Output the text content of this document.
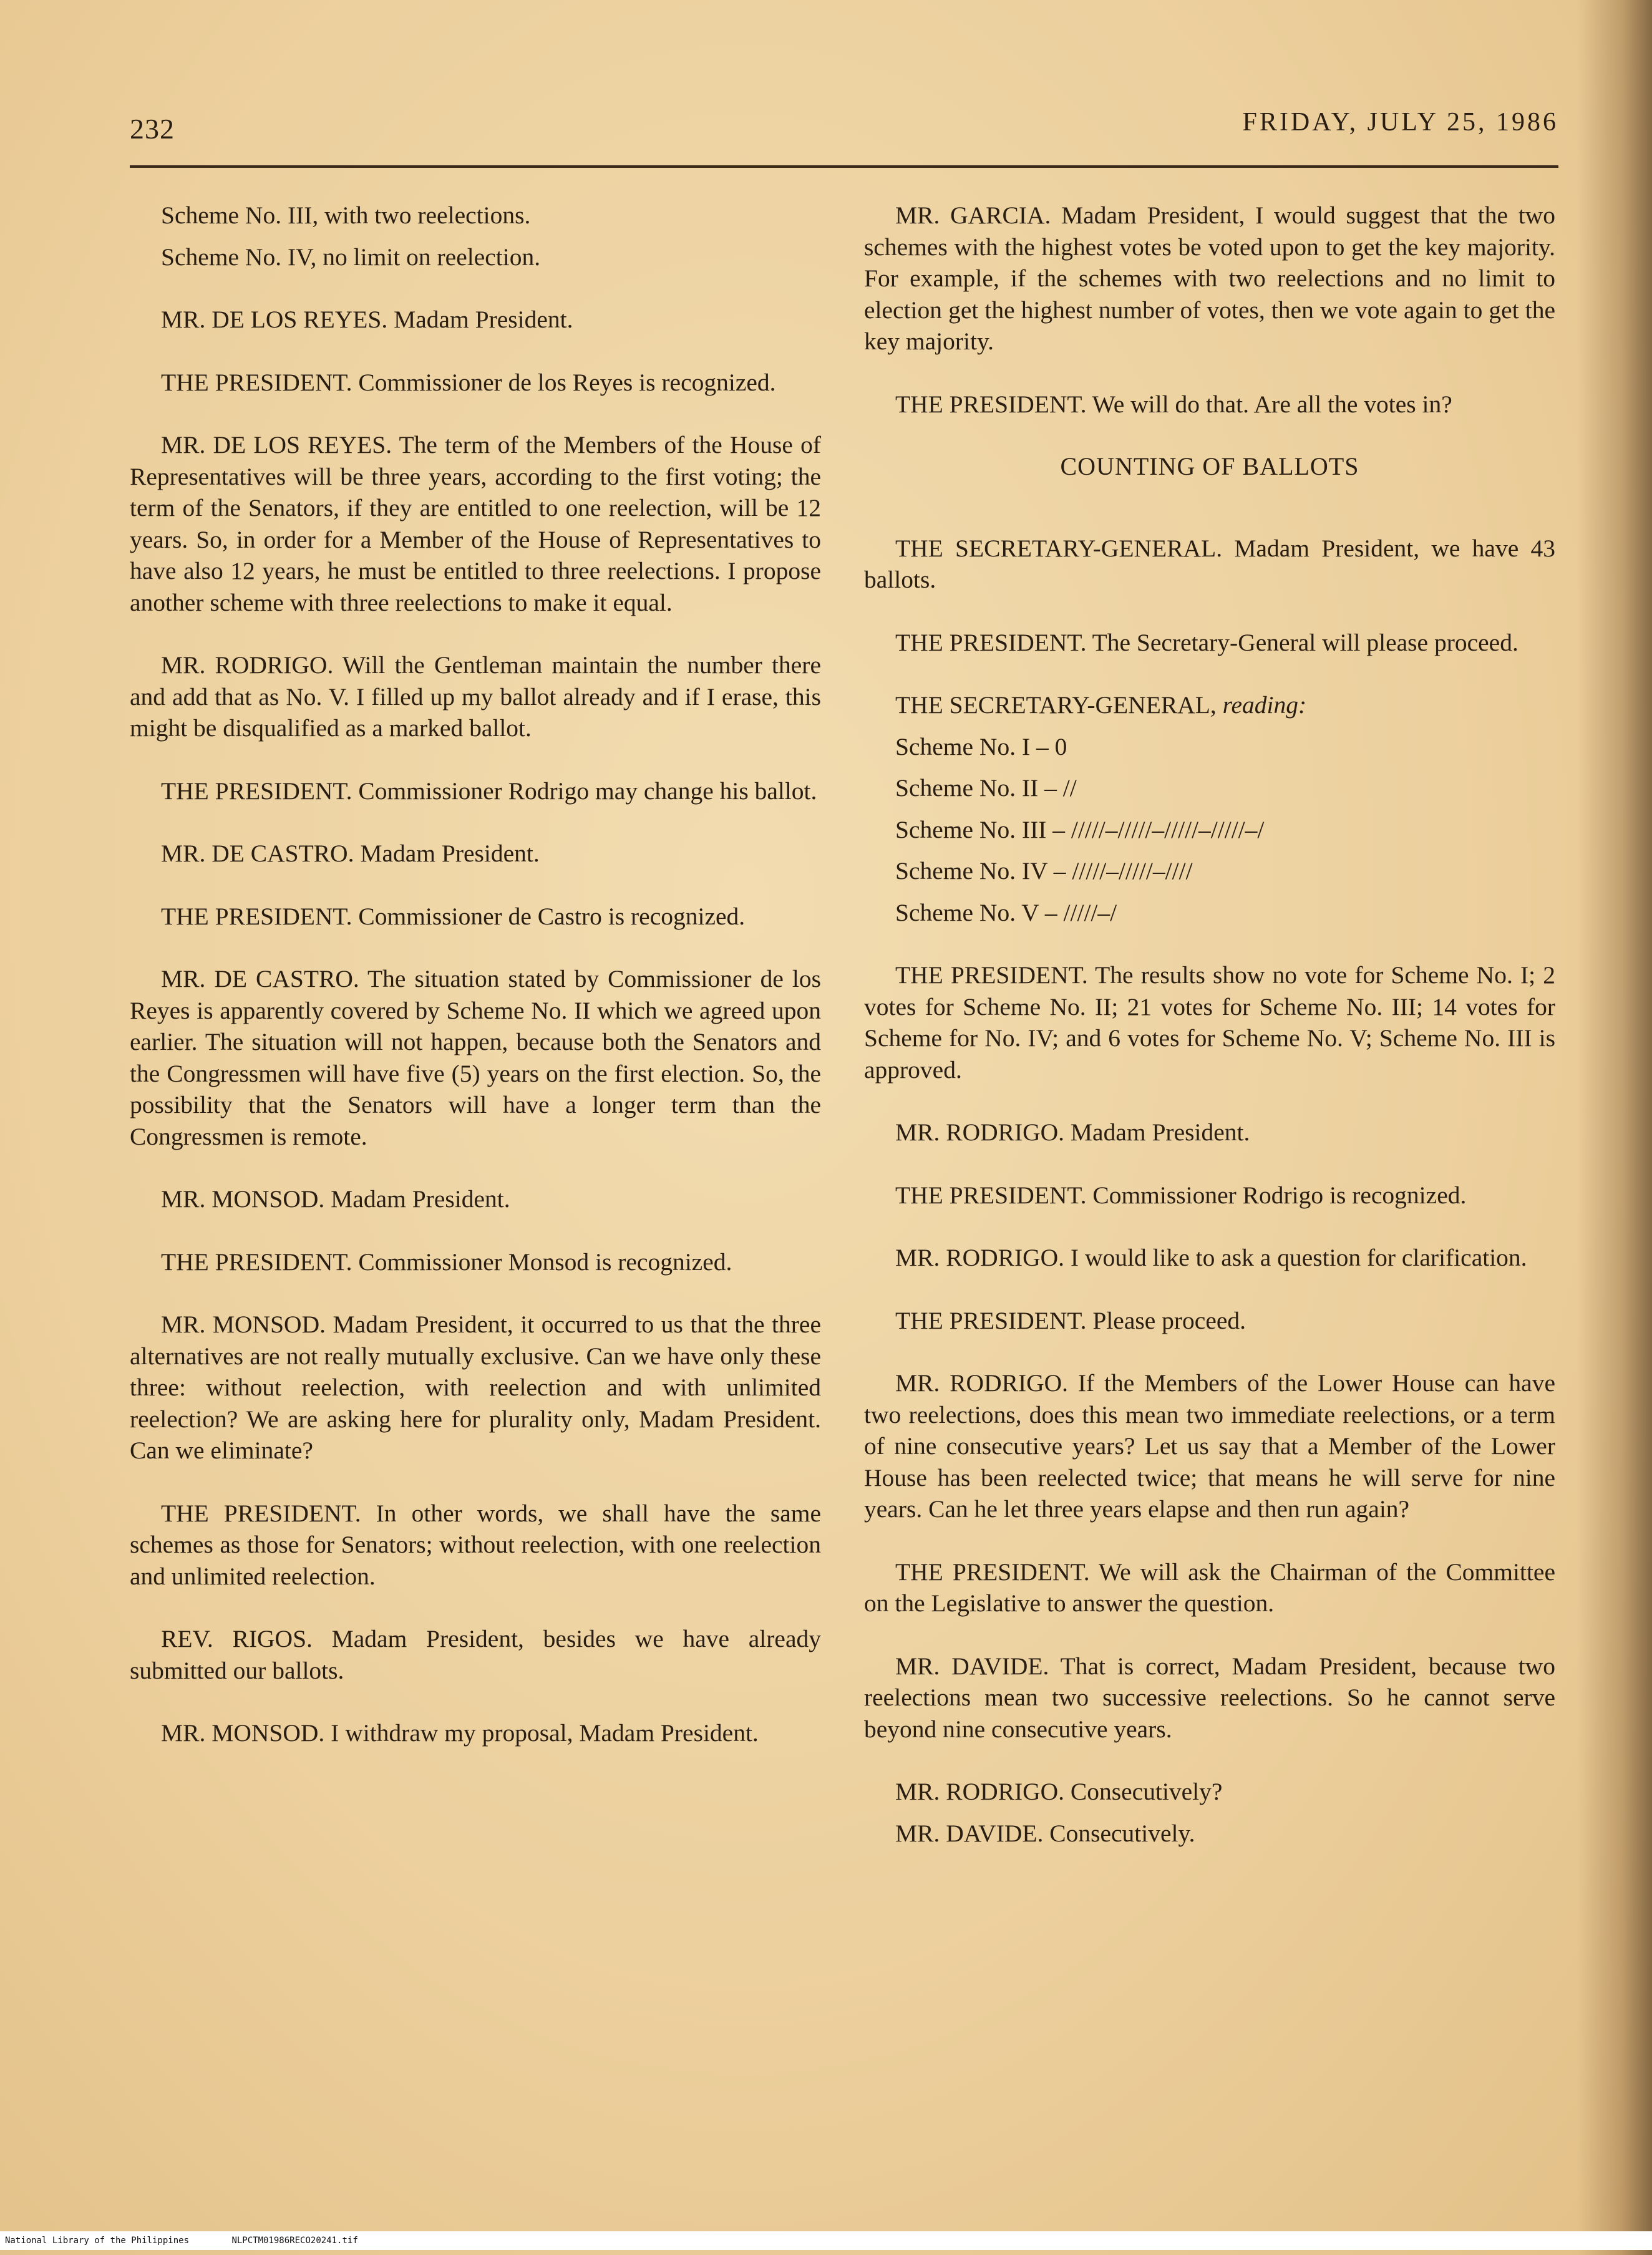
232	FRIDAY, JULY 25, 1986

Scheme No. III, with two reelections.

Scheme No. IV, no limit on reelection.

MR. DE LOS REYES. Madam President.

THE PRESIDENT. Commissioner de los Reyes is recognized.

MR. DE LOS REYES. The term of the Members of the House of Representatives will be three years, according to the first voting; the term of the Senators, if they are entitled to one reelection, will be 12 years. So, in order for a Member of the House of Representatives to have also 12 years, he must be entitled to three reelections. I propose another scheme with three reelections to make it equal.

MR. RODRIGO. Will the Gentleman maintain the number there and add that as No. V. I filled up my ballot already and if I erase, this might be disqualified as a marked ballot.

THE PRESIDENT. Commissioner Rodrigo may change his ballot.

MR. DE CASTRO. Madam President.

THE PRESIDENT. Commissioner de Castro is recognized.

MR. DE CASTRO. The situation stated by Commissioner de los Reyes is apparently covered by Scheme No. II which we agreed upon earlier. The situation will not happen, because both the Senators and the Congressmen will have five (5) years on the first election. So, the possibility that the Senators will have a longer term than the Congressmen is remote.

MR. MONSOD. Madam President.

THE PRESIDENT. Commissioner Monsod is recognized.

MR. MONSOD. Madam President, it occurred to us that the three alternatives are not really mutually exclusive. Can we have only these three: without reelection, with reelection and with unlimited reelection? We are asking here for plurality only, Madam President. Can we eliminate?

THE PRESIDENT. In other words, we shall have the same schemes as those for Senators; without reelection, with one reelection and unlimited reelection.

REV. RIGOS. Madam President, besides we have already submitted our ballots.

MR. MONSOD. I withdraw my proposal, Madam President.

MR. GARCIA. Madam President, I would suggest that the two schemes with the highest votes be voted upon to get the key majority. For example, if the schemes with two reelections and no limit to election get the highest number of votes, then we vote again to get the key majority.

THE PRESIDENT. We will do that. Are all the votes in?

COUNTING OF BALLOTS

THE SECRETARY-GENERAL. Madam President, we have 43 ballots.

THE PRESIDENT. The Secretary-General will please proceed.

THE SECRETARY-GENERAL, reading:

Scheme No. I – 0

Scheme No. II – //

Scheme No. III – /////–/////–/////–/////–/

Scheme No. IV – /////–/////–////

Scheme No. V – /////–/

THE PRESIDENT. The results show no vote for Scheme No. I; 2 votes for Scheme No. II; 21 votes for Scheme No. III; 14 votes for Scheme for No. IV; and 6 votes for Scheme No. V; Scheme No. III is approved.

MR. RODRIGO. Madam President.

THE PRESIDENT. Commissioner Rodrigo is recognized.

MR. RODRIGO. I would like to ask a question for clarification.

THE PRESIDENT. Please proceed.

MR. RODRIGO. If the Members of the Lower House can have two reelections, does this mean two immediate reelections, or a term of nine consecutive years? Let us say that a Member of the Lower House has been reelected twice; that means he will serve for nine years. Can he let three years elapse and then run again?

THE PRESIDENT. We will ask the Chairman of the Committee on the Legislative to answer the question.

MR. DAVIDE. That is correct, Madam President, because two reelections mean two successive reelections. So he cannot serve beyond nine consecutive years.

MR. RODRIGO. Consecutively?

MR. DAVIDE. Consecutively.

National Library of the Philippines	NLPCTM01986RECO20241.tif
